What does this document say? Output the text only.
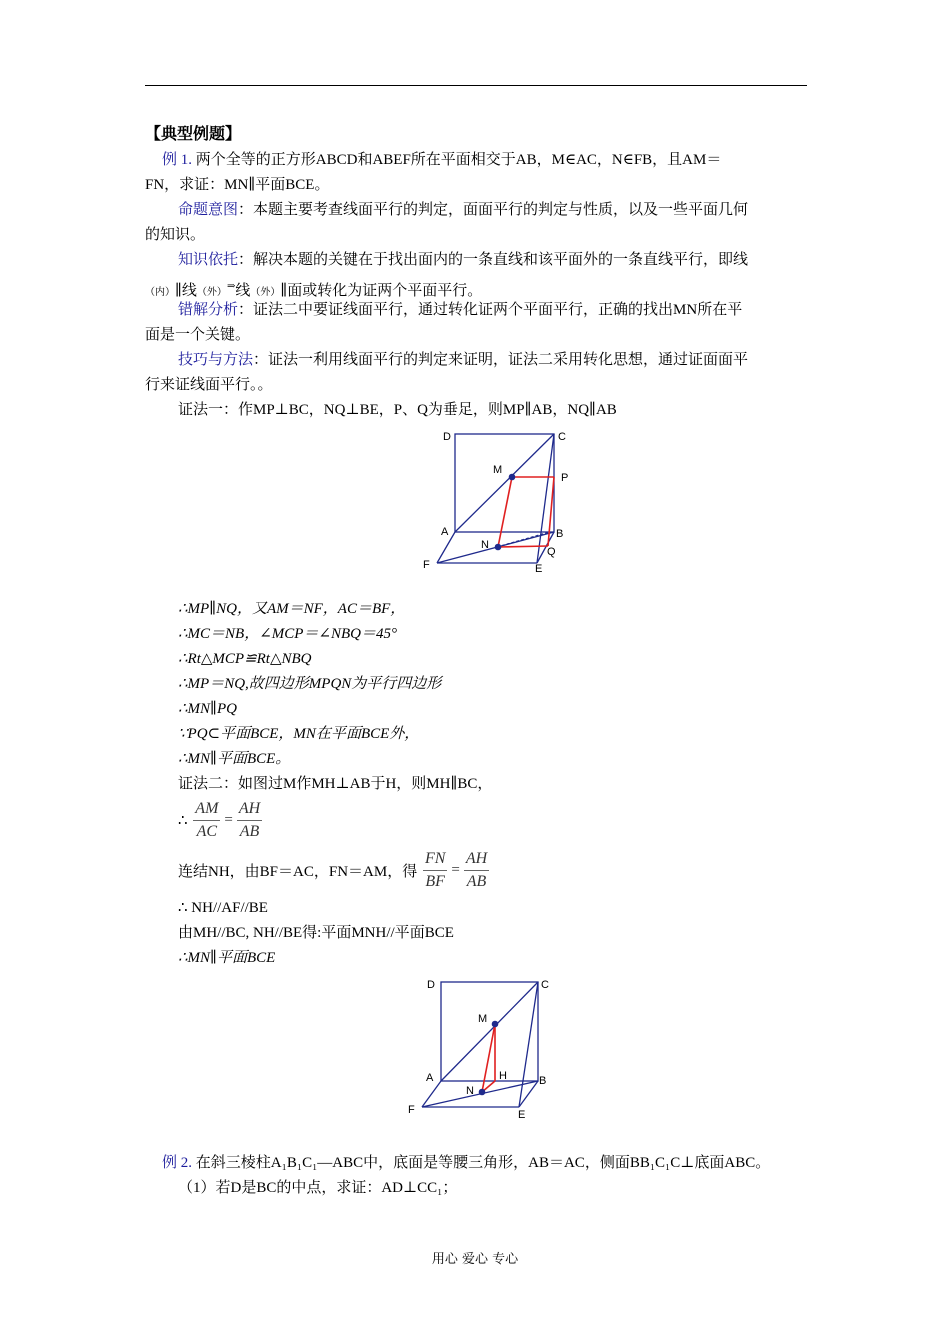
【典型例题】
例 1. 两个全等的正方形ABCD和ABEF所在平面相交于AB，M∈AC，N∈FB，且AM＝
FN，求证：MN∥平面BCE。
命题意图：本题主要考查线面平行的判定，面面平行的判定与性质，以及一些平面几何
的知识。
知识依托：解决本题的关键在于找出面内的一条直线和该平面外的一条直线平行，即线
（内）∥线（外）⇒线（外）∥面或转化为证两个平面平行。
错解分析：证法二中要证线面平行，通过转化证两个平面平行，正确的找出MN所在平
面是一个关键。
技巧与方法：证法一利用线面平行的判定来证明，证法二采用转化思想，通过证面面平
行来证线面平行。。
证法一：作MP⊥BC，NQ⊥BE，P、Q为垂足，则MP∥AB，NQ∥AB
D	C
M
P
A	B
N
Q
F	E
∴MP∥NQ，又AM＝NF，AC＝BF，
∴MC＝NB，∠MCP＝∠NBQ＝45°
∴Rt△MCP≌Rt△NBQ
∴MP＝NQ,故四边形MPQN为平行四边形
∴MN∥PQ
∵PQ⊂平面BCE，MN在平面BCE外，
∴MN∥平面BCE。
证法二：如图过M作MH⊥AB于H，则MH∥BC，
∴ $\frac{AM}{AC} = \frac{AH}{AB}$
连结NH，由BF＝AC，FN＝AM，得 $\frac{FN}{BF} = \frac{AH}{AB}$
∴ NH//AF//BE
由MH//BC, NH//BE得:平面MNH//平面BCE
∴MN∥平面BCE
D	C
M
A	H	B
N
F	E
例 2. 在斜三棱柱A₁B₁C₁—ABC中，底面是等腰三角形，AB＝AC，侧面BB₁C₁C⊥底面ABC。
（1）若D是BC的中点，求证：AD⊥CC₁；
用心 爱心 专心
